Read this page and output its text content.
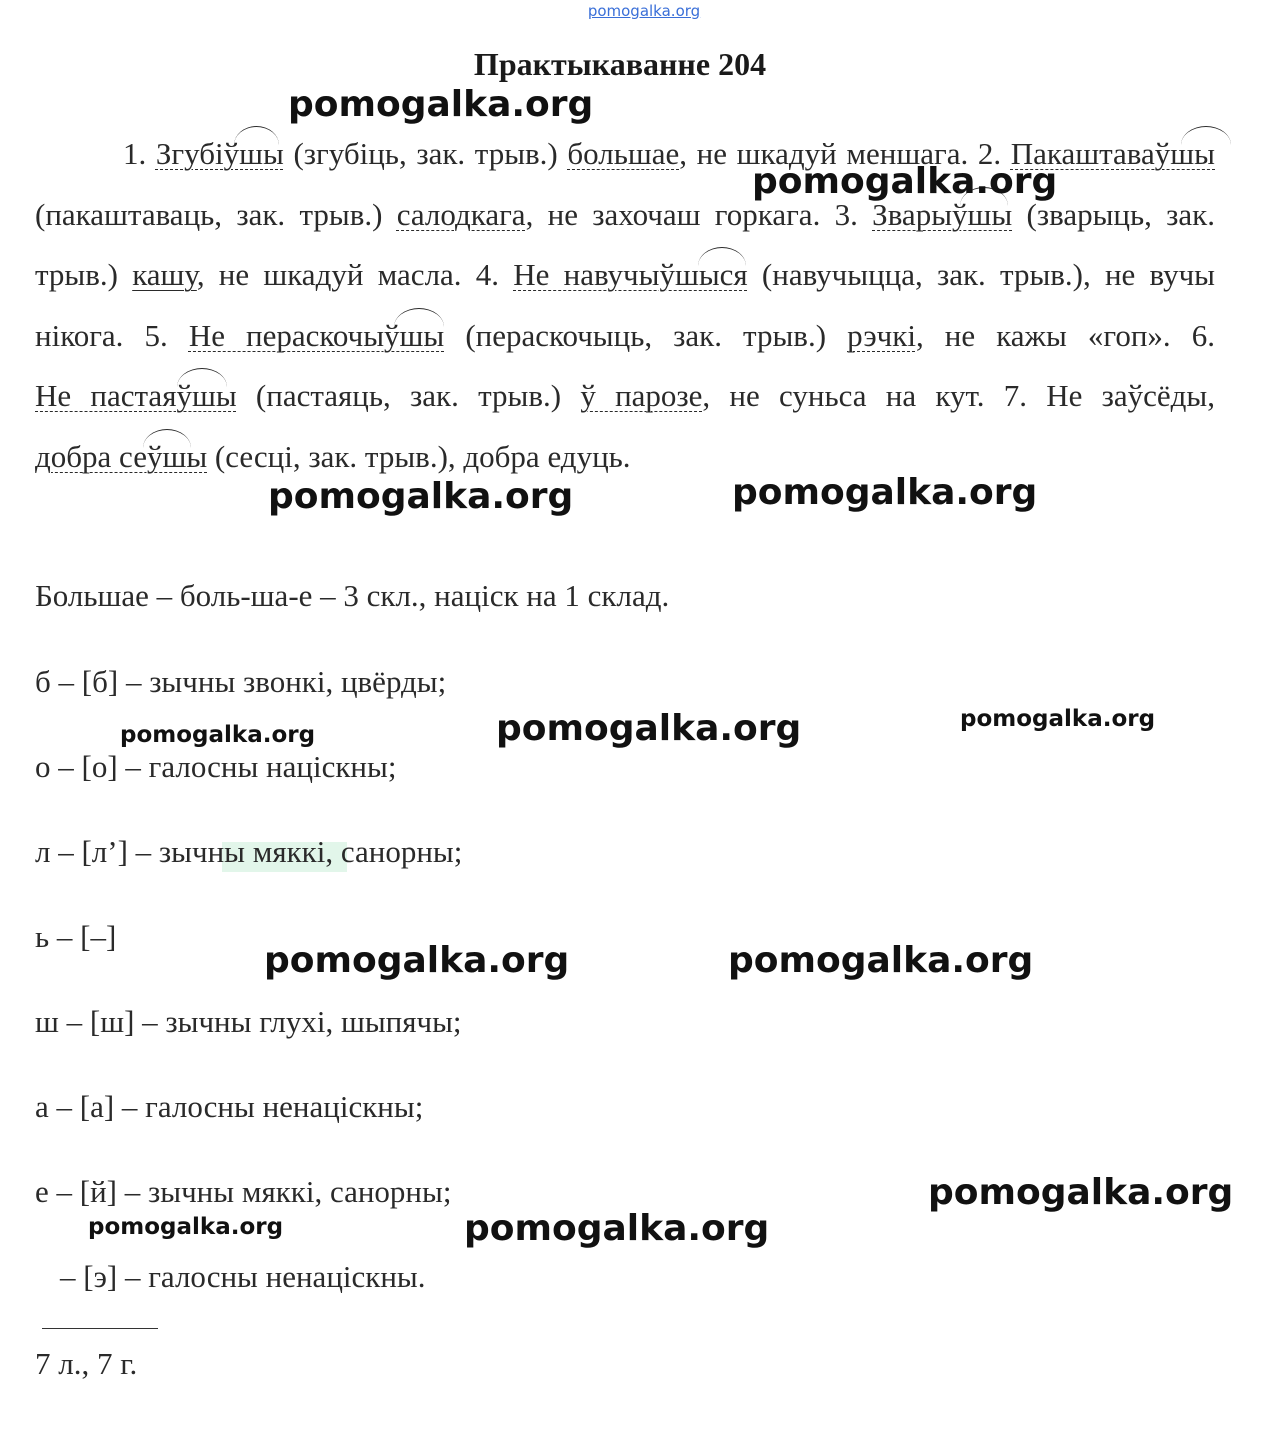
pomogalka.org
Практыкаванне 204
1. Згубіўшы (згубіць, зак. трыв.) большае, не шкадуй меншага. 2. Пакаштаваўшы (пакаштаваць, зак. трыв.) салодкага, не захочаш горкага. 3. Зварыўшы (зварыць, зак. трыв.) кашу, не шкадуй масла. 4. Не навучыўшыся (навучыцца, зак. трыв.), не вучы нікога. 5. Не пераскочыўшы (пераскочыць, зак. трыв.) рэчкі, не кажы «гоп». 6.
Не пастаяўшы (пастаяць, зак. трыв.) ў парозе, не суньса на кут. 7. Не заўсёды,
добра сеўшы (сесці, зак. трыв.), добра едуць.
Большае – боль-ша-е – 3 скл., націск на 1 склад.
б – [б] – зычны звонкі, цвёрды;
о – [о] – галосны націскны;
л – [л’] – зычны мяккі, санорны;
ь – [–]
ш – [ш] – зычны глухі, шыпячы;
а – [а] – галосны ненаціскны;
е – [й] – зычны мяккі, санорны;
– [э] – галосны ненаціскны.
7 л., 7 г.
pomogalka.org
pomogalka.org
pomogalka.org	pomogalka.org
pomogalka.org	pomogalka.org	pomogalka.org
pomogalka.org	pomogalka.org
pomogalka.org
pomogalka.org	pomogalka.org
